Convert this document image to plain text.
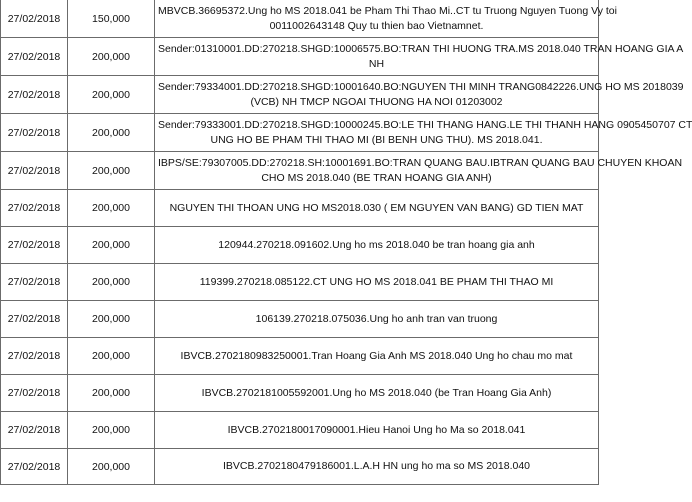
27/02/2018	150,000	MBVCB.36695372.Ung ho MS 2018.041 be Pham Thi Thao Mi..CT tu Truong Nguyen Tuong Vy toi
0011002643148 Quy tu thien bao Vietnamnet.

27/02/2018	200,000	Sender:01310001.DD:270218.SHGD:10006575.BO:TRAN THI HUONG TRA.MS 2018.040 TRAN HOANG GIA A
NH

27/02/2018	200,000	Sender:79334001.DD:270218.SHGD:10001640.BO:NGUYEN THI MINH TRANG0842226.UNG HO MS 2018039
(VCB) NH TMCP NGOAI THUONG HA NOI 01203002

27/02/2018	200,000	Sender:79333001.DD:270218.SHGD:10000245.BO:LE THI THANG HANG.LE THI THANH HANG 0905450707 CT
UNG HO BE PHAM THI THAO MI (BI BENH UNG THU). MS 2018.041.

27/02/2018	200,000	IBPS/SE:79307005.DD:270218.SH:10001691.BO:TRAN QUANG BAU.IBTRAN QUANG BAU CHUYEN KHOAN
CHO MS 2018.040 (BE TRAN HOANG GIA ANH)

27/02/2018	200,000	NGUYEN THI THOAN UNG HO MS2018.030 ( EM NGUYEN VAN BANG) GD TIEN MAT

27/02/2018	200,000	120944.270218.091602.Ung ho ms 2018.040 be tran hoang gia anh

27/02/2018	200,000	119399.270218.085122.CT UNG HO MS 2018.041 BE PHAM THI THAO MI

27/02/2018	200,000	106139.270218.075036.Ung ho anh tran van truong

27/02/2018	200,000	IBVCB.2702180983250001.Tran Hoang Gia Anh MS 2018.040 Ung ho chau mo mat

27/02/2018	200,000	IBVCB.2702181005592001.Ung ho MS 2018.040 (be Tran Hoang Gia Anh)

27/02/2018	200,000	IBVCB.2702180017090001.Hieu Hanoi Ung ho Ma so 2018.041

27/02/2018	200,000	IBVCB.2702180479186001.L.A.H HN ung ho ma so MS 2018.040
